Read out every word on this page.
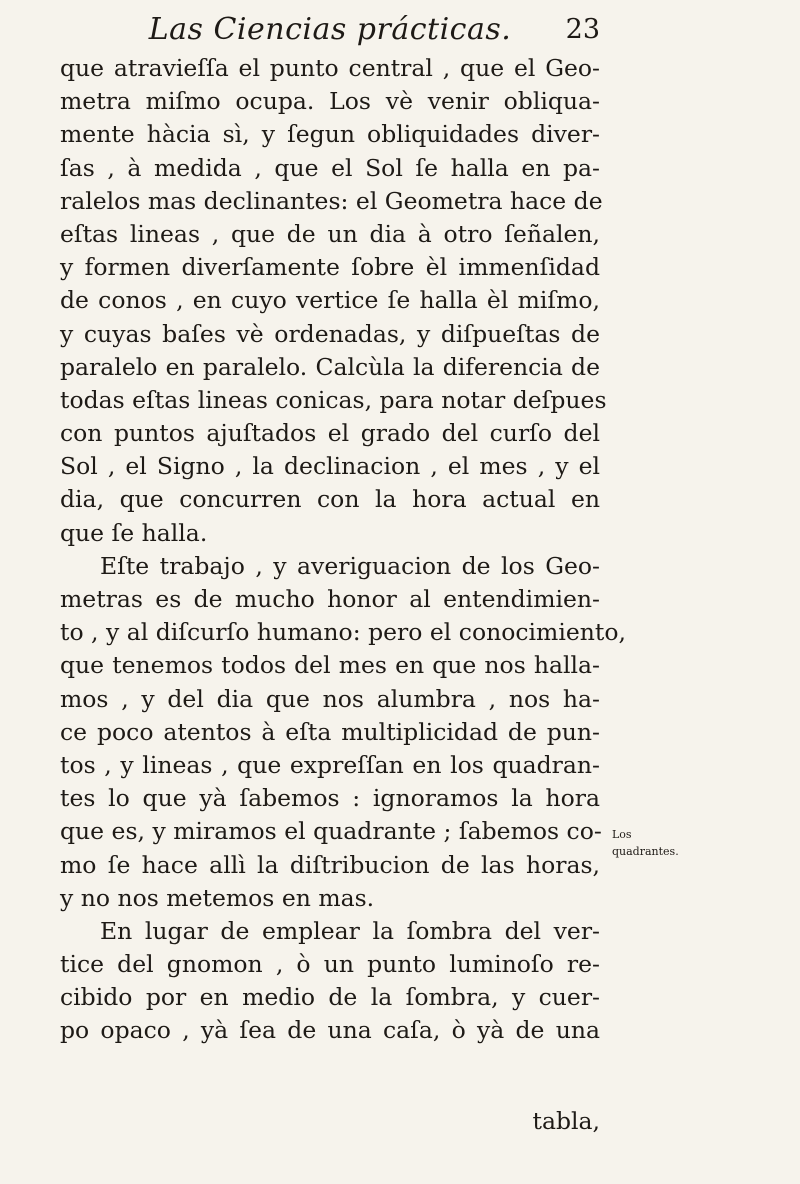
Las Ciencias prácticas.	23
que atravieſſa el punto central , que el Geo-
metra miſmo ocupa. Los vè venir obliqua-
mente hàcia sì, y ſegun obliquidades diver-
ſas , à medida , que el Sol ſe halla en pa-
ralelos mas declinantes: el Geometra hace de
eſtas lineas , que de un dia à otro ſeñalen,
y formen diverſamente ſobre èl immenſidad
de conos , en cuyo vertice ſe halla èl miſmo,
y cuyas baſes vè ordenadas, y diſpueſtas de
paralelo en paralelo. Calcùla la diferencia de
todas eſtas lineas conicas, para notar deſpues
con puntos ajuſtados el grado del curſo del
Sol , el Signo , la declinacion , el mes , y el
dia, que concurren con la hora actual en
que ſe halla.
Eſte trabajo , y averiguacion de los Geo-
metras es de mucho honor al entendimien-
to , y al diſcurſo humano: pero el conocimiento,
que tenemos todos del mes en que nos halla-
mos , y del dia que nos alumbra , nos ha-
ce poco atentos à eſta multiplicidad de pun-
tos , y lineas , que expreſſan en los quadran-
tes lo que yà ſabemos : ignoramos la hora
que es, y miramos el quadrante ; ſabemos co-
mo ſe hace allì la diſtribucion de las horas,
y no nos metemos en mas.
En lugar de emplear la ſombra del ver-
tice del gnomon , ò un punto luminoſo re-
cibido por en medio de la ſombra, y cuer-
po opaco , yà ſea de una caſa, ò yà de una
tabla,
Los quadrantes.
